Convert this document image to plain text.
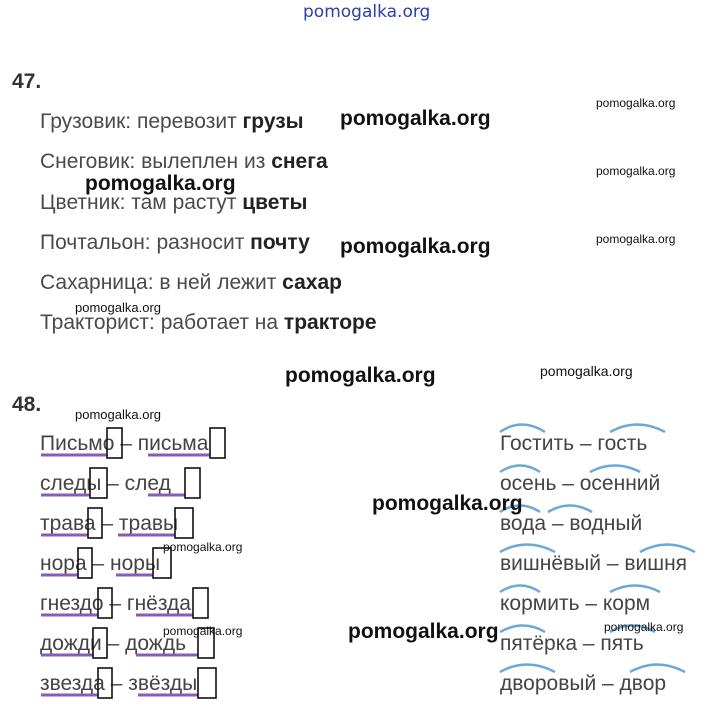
pomogalka.org
47.
Грузовик: перевозит грузы
Снеговик: вылеплен из снега
Цветник: там растут цветы
Почтальон: разносит почту
Сахарница: в ней лежит сахар
Тракторист: работает на тракторе
48.
Письмо – письма
следы – след
трава – травы
нора – норы
гнездо – гнёзда
дожди – дождь
звезда – звёзды
Гостить – гость
осень – осенний
вода – водный
вишнёвый – вишня
кормить – корм
пятёрка – пять
дворовый – двор
pomogalka.org
pomogalka.org
pomogalka.org
pomogalka.org
pomogalka.org
pomogalka.org
pomogalka.org
pomogalka.org
pomogalka.org
pomogalka.org
pomogalka.org
pomogalka.org
pomogalka.org
pomogalka.org	pomogalka.org
